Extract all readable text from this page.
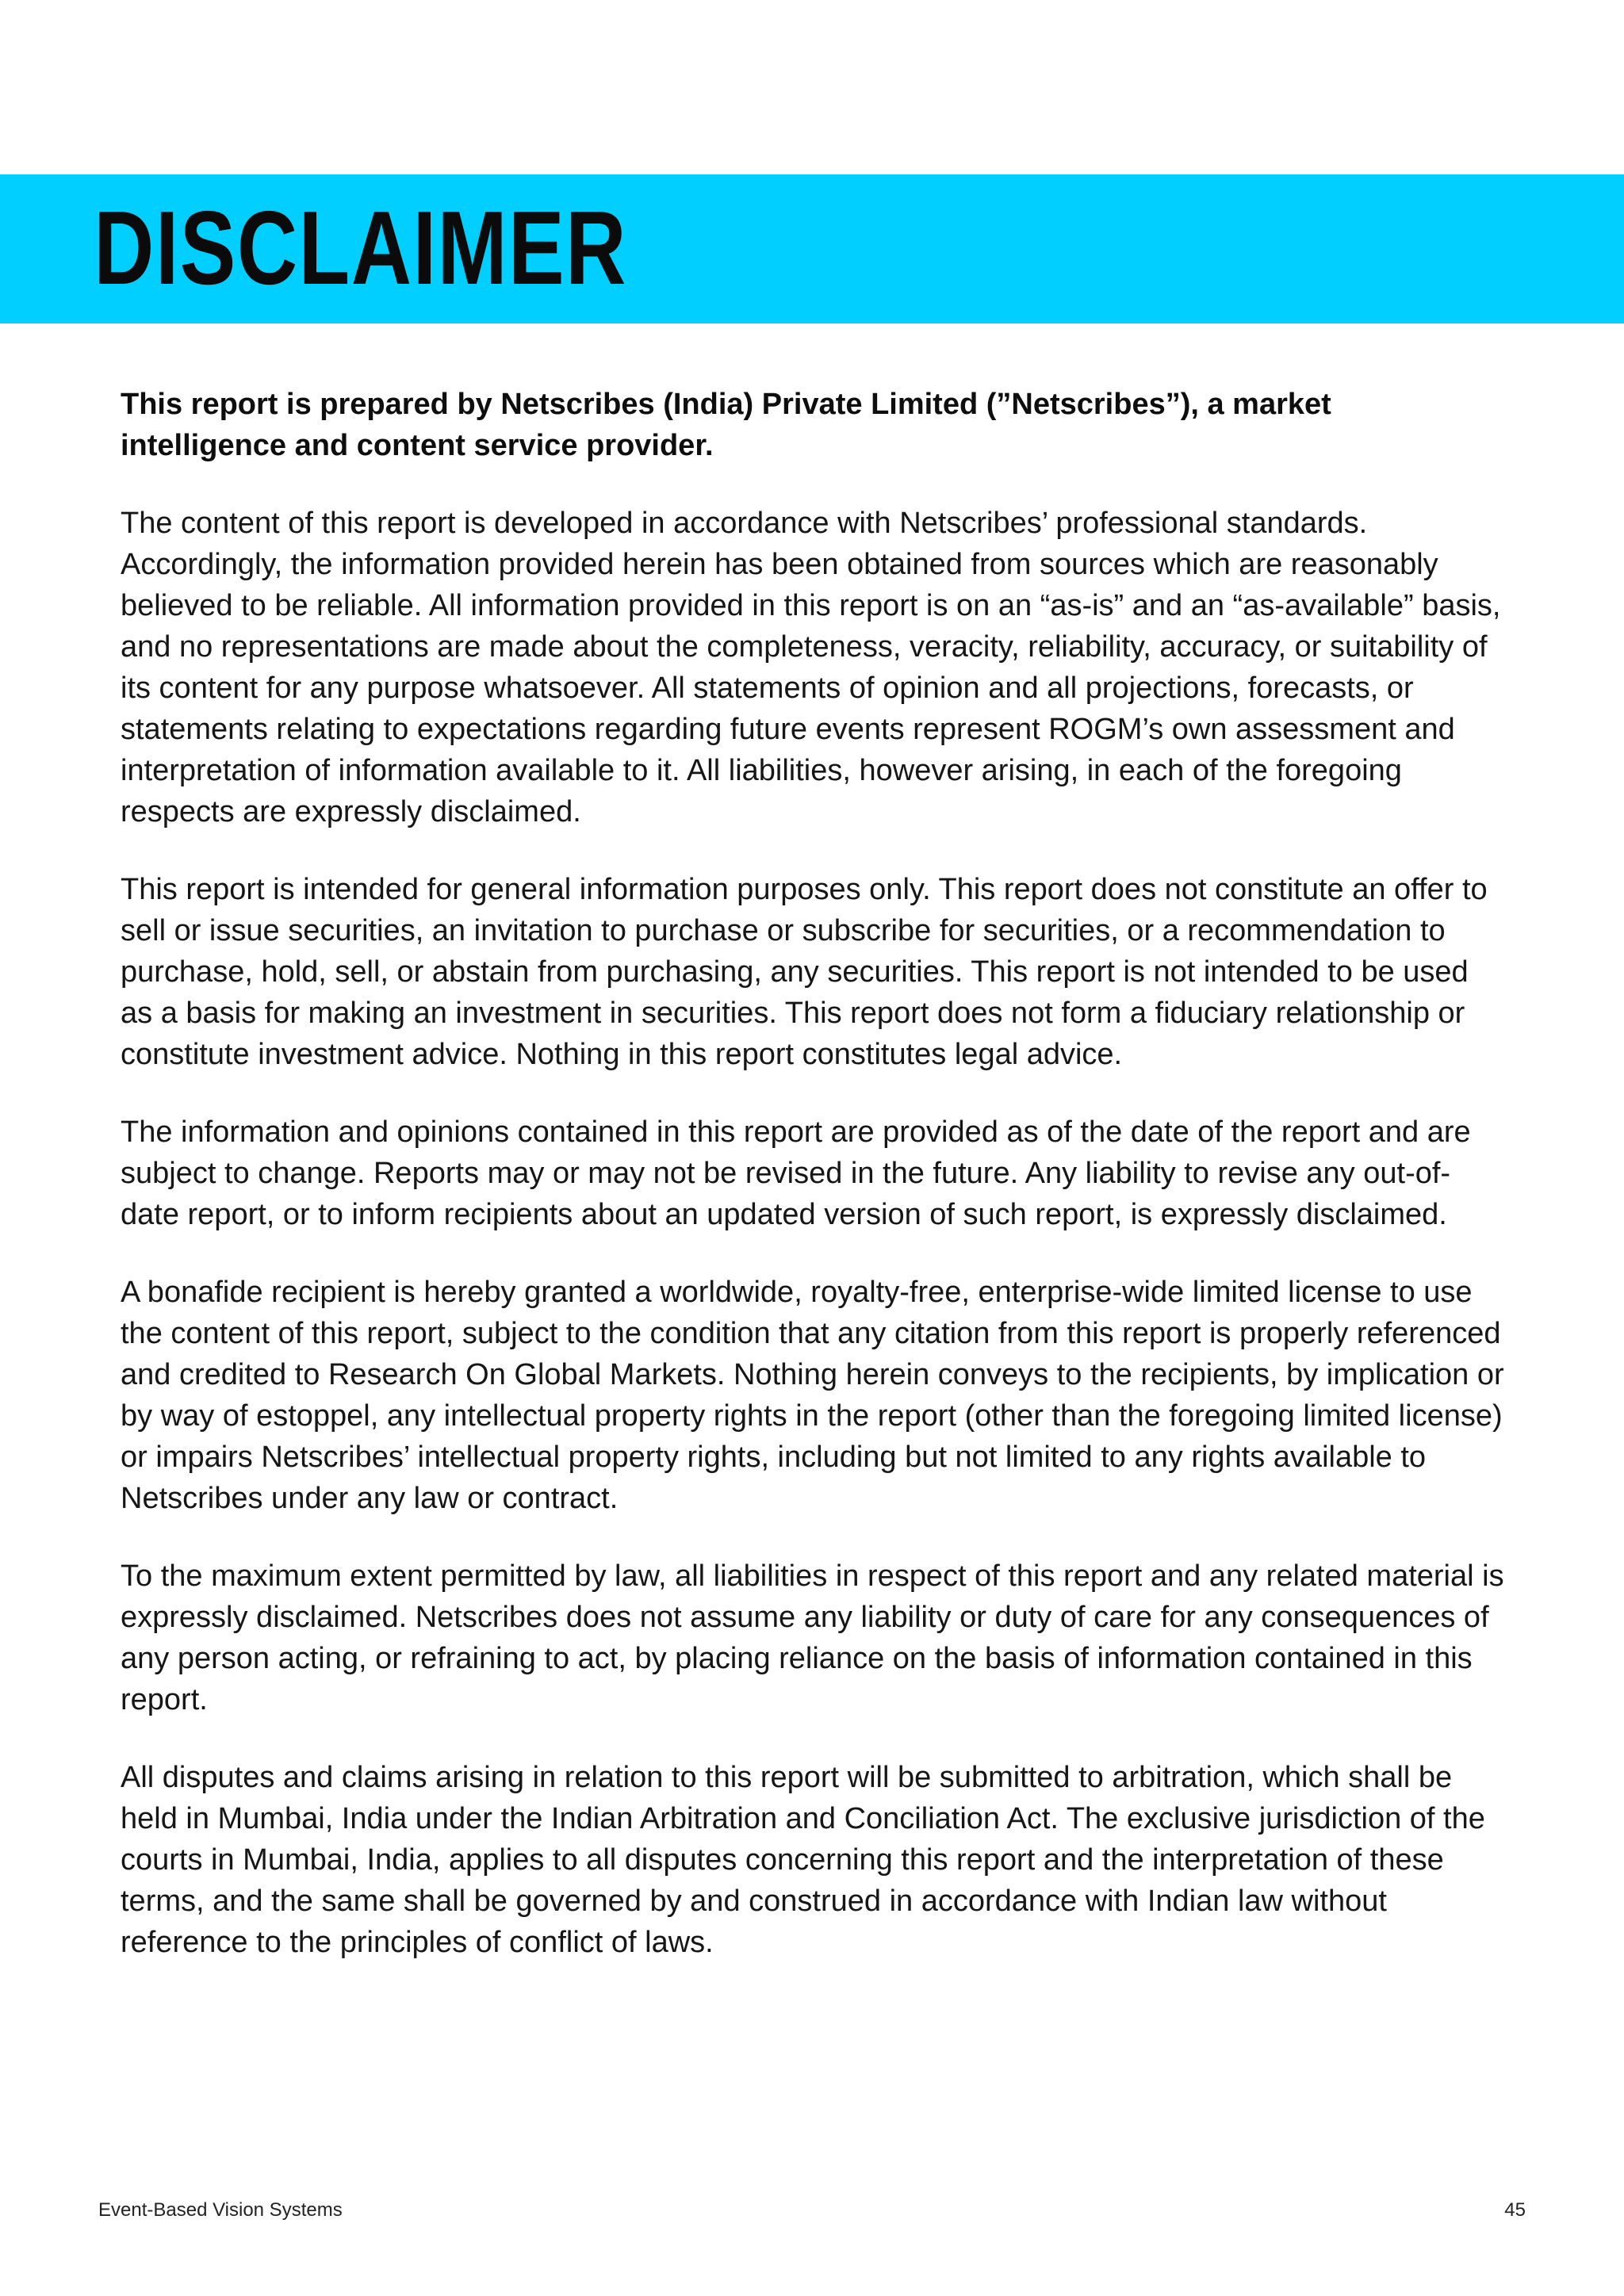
DISCLAIMER

This report is prepared by Netscribes (India) Private Limited (”Netscribes”), a market intelligence and content service provider.

The content of this report is developed in accordance with Netscribes’ professional standards. Accordingly, the information provided herein has been obtained from sources which are reasonably believed to be reliable. All information provided in this report is on an “as-is” and an “as-available” basis, and no representations are made about the completeness, veracity, reliability, accuracy, or suitability of its content for any purpose whatsoever. All statements of opinion and all projections, forecasts, or statements relating to expectations regarding future events represent ROGM’s own assessment and interpretation of information available to it. All liabilities, however arising, in each of the foregoing respects are expressly disclaimed.

This report is intended for general information purposes only. This report does not constitute an offer to sell or issue securities, an invitation to purchase or subscribe for securities, or a recommendation to purchase, hold, sell, or abstain from purchasing, any securities. This report is not intended to be used as a basis for making an investment in securities. This report does not form a fiduciary relationship or constitute investment advice. Nothing in this report constitutes legal advice.

The information and opinions contained in this report are provided as of the date of the report and are subject to change. Reports may or may not be revised in the future. Any liability to revise any out-of-date report, or to inform recipients about an updated version of such report, is expressly disclaimed.

A bonafide recipient is hereby granted a worldwide, royalty-free, enterprise-wide limited license to use the content of this report, subject to the condition that any citation from this report is properly referenced and credited to Research On Global Markets. Nothing herein conveys to the recipients, by implication or by way of estoppel, any intellectual property rights in the report (other than the foregoing limited license) or impairs Netscribes’ intellectual property rights, including but not limited to any rights available to Netscribes under any law or contract.

To the maximum extent permitted by law, all liabilities in respect of this report and any related material is expressly disclaimed. Netscribes does not assume any liability or duty of care for any consequences of any person acting, or refraining to act, by placing reliance on the basis of information contained in this report.

All disputes and claims arising in relation to this report will be submitted to arbitration, which shall be held in Mumbai, India under the Indian Arbitration and Conciliation Act. The exclusive jurisdiction of the courts in Mumbai, India, applies to all disputes concerning this report and the interpretation of these terms, and the same shall be governed by and construed in accordance with Indian law without reference to the principles of conflict of laws.

Event-Based Vision Systems	45
